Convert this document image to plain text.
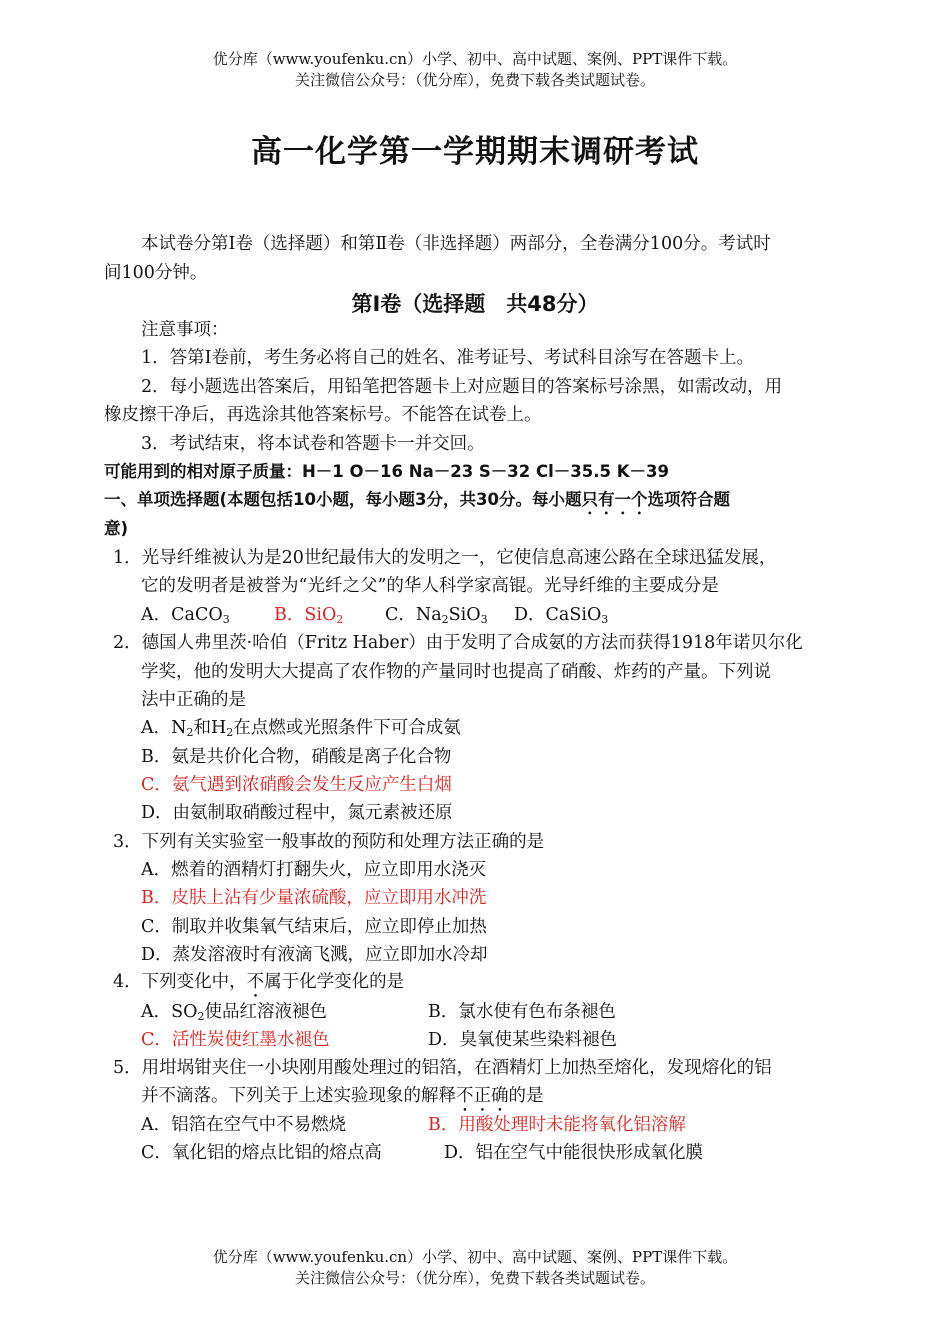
优分库（www.youfenku.cn）小学、初中、高中试题、案例、PPT课件下载。
关注微信公众号：（优分库），免费下载各类试题试卷。
高一化学第一学期期末调研考试
本试卷分第Ⅰ卷（选择题）和第Ⅱ卷（非选择题）两部分，全卷满分100分。考试时
间100分钟。
第Ⅰ卷（选择题　共48分）
注意事项：
1．答第Ⅰ卷前，考生务必将自己的姓名、准考证号、考试科目涂写在答题卡上。
2．每小题选出答案后，用铅笔把答题卡上对应题目的答案标号涂黑，如需改动，用
橡皮擦干净后，再选涂其他答案标号。不能答在试卷上。
3．考试结束，将本试卷和答题卡一并交回。
可能用到的相对原子质量：H－1 O－16 Na－23 S－32 Cl－35.5 K－39
一、单项选择题(本题包括10小题，每小题3分，共30分。每小题只有一个选项符合题
意)
1．光导纤维被认为是20世纪最伟大的发明之一，它使信息高速公路在全球迅猛发展，
它的发明者是被誉为“光纤之父”的华人科学家高锟。光导纤维的主要成分是
A．CaCO$_3$	B．SiO$_2$ C．$Na_2SiO_3$ D．CaSiO$_3$
2．德国人弗里茨·哈伯（Fritz Haber）由于发明了合成氨的方法而获得1918年诺贝尔化
学奖，他的发明大大提高了农作物的产量同时也提高了硝酸、炸药的产量。下列说
法中正确的是
A．$N_2$和$H_2$在点燃或光照条件下可合成氨
B．氨是共价化合物，硝酸是离子化合物
C．氨气遇到浓硝酸会发生反应产生白烟
D．由氨制取硝酸过程中，氮元素被还原
3．下列有关实验室一般事故的预防和处理方法正确的是
A．燃着的酒精灯打翻失火，应立即用水浇灭
B．皮肤上沾有少量浓硫酸，应立即用水冲洗
C．制取并收集氧气结束后，应立即停止加热
D．蒸发溶液时有液滴飞溅，应立即加水冷却
4．下列变化中，不属于化学变化的是
A．$SO_2$使品红溶液褪色	B．氯水使有色布条褪色
C．活性炭使红墨水褪色	D．臭氧使某些染料褪色
5．用坩埚钳夹住一小块刚用酸处理过的铝箔，在酒精灯上加热至熔化，发现熔化的铝
并不滴落。下列关于上述实验现象的解释不正确的是
A．铝箔在空气中不易燃烧	B．用酸处理时未能将氧化铝溶解
C．氧化铝的熔点比铝的熔点高	D．铝在空气中能很快形成氧化膜
优分库（www.youfenku.cn）小学、初中、高中试题、案例、PPT课件下载。
关注微信公众号：（优分库），免费下载各类试题试卷。
